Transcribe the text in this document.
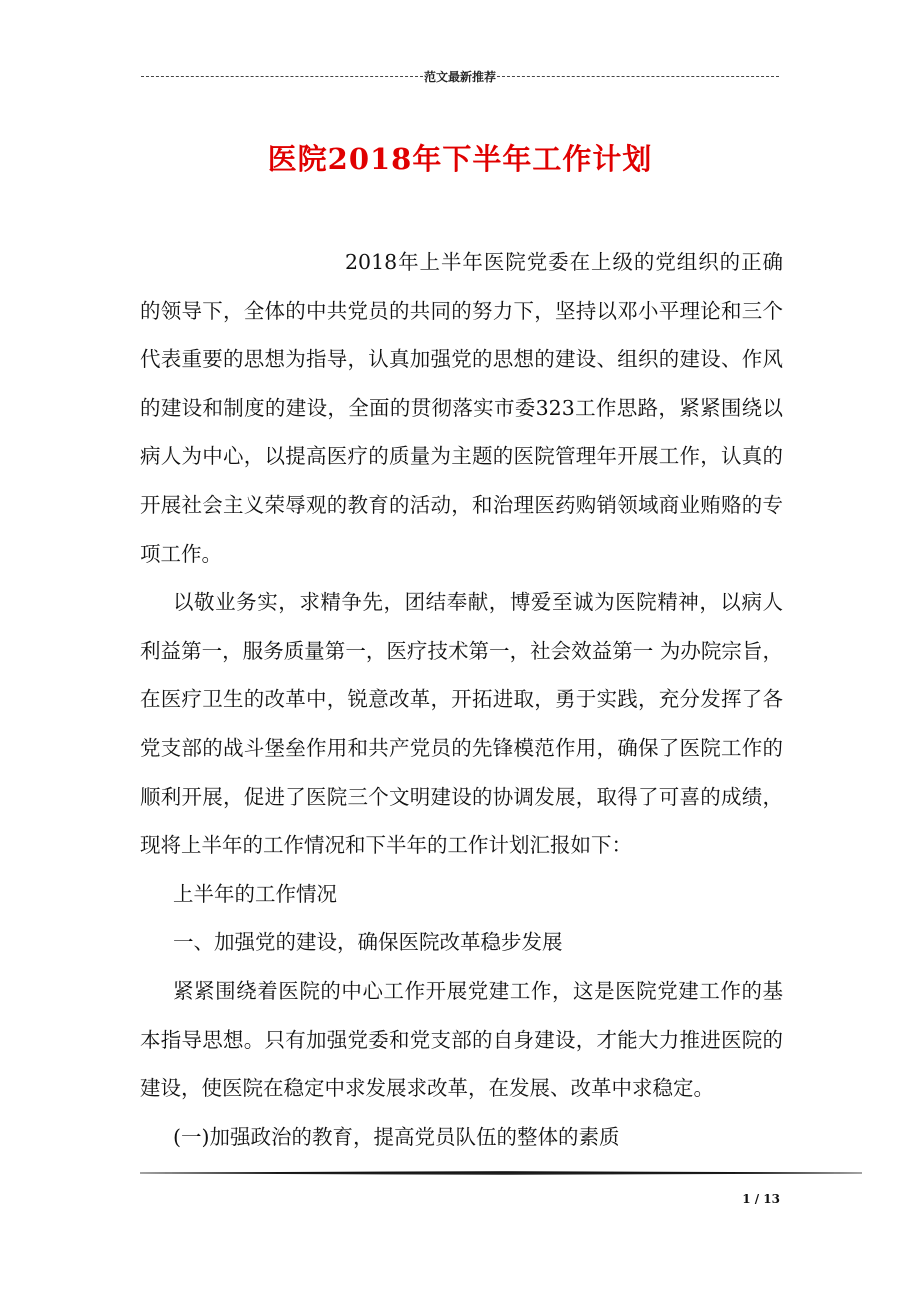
范文最新推荐
医院2018年下半年工作计划

2018年上半年医院党委在上级的党组织的正确的领导下，全体的中共党员的共同的努力下，坚持以邓小平理论和三个代表重要的思想为指导，认真加强党的思想的建设、组织的建设、作风的建设和制度的建设，全面的贯彻落实市委323工作思路，紧紧围绕以病人为中心，以提高医疗的质量为主题的医院管理年开展工作，认真的开展社会主义荣辱观的教育的活动，和治理医药购销领域商业贿赂的专项工作。

以敬业务实，求精争先，团结奉献，博爱至诚为医院精神，以病人利益第一，服务质量第一，医疗技术第一，社会效益第一 为办院宗旨，在医疗卫生的改革中，锐意改革，开拓进取，勇于实践，充分发挥了各党支部的战斗堡垒作用和共产党员的先锋模范作用，确保了医院工作的顺利开展，促进了医院三个文明建设的协调发展，取得了可喜的成绩，现将上半年的工作情况和下半年的工作计划汇报如下：

上半年的工作情况

一、加强党的建设，确保医院改革稳步发展

紧紧围绕着医院的中心工作开展党建工作，这是医院党建工作的基本指导思想。只有加强党委和党支部的自身建设，才能大力推进医院的建设，使医院在稳定中求发展求改革，在发展、改革中求稳定。

(一)加强政治的教育，提高党员队伍的整体的素质

1 / 13
